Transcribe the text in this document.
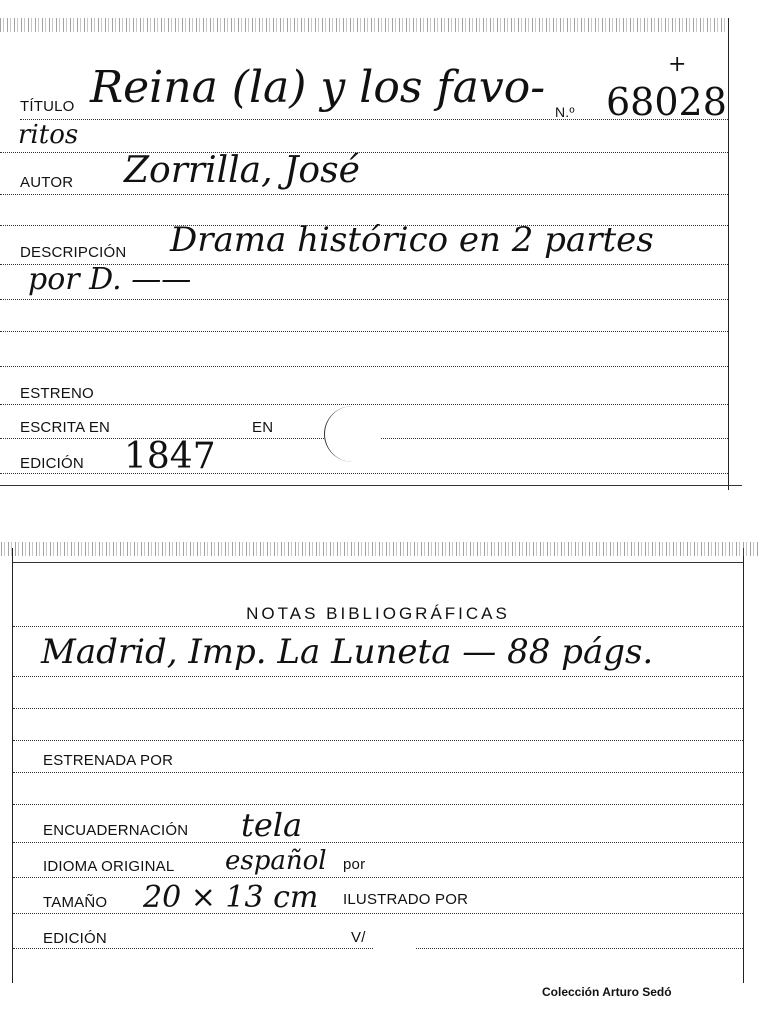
TÍTULO Reina (la) y los favo- N.º 68028
+
ritos
AUTOR Zorrilla, José
DESCRIPCIÓN Drama histórico en 2 partes
por D. ——
ESTRENO
ESCRITA EN	EN
EDICIÓN 1847
NOTAS BIBLIOGRÁFICAS
Madrid, Imp. La Luneta — 88 págs.
ESTRENADA POR
ENCUADERNACIÓN tela
IDIOMA ORIGINAL español por
TAMAÑO 20 × 13 cm ILUSTRADO POR
EDICIÓN	V/
Colección Arturo Sedó
